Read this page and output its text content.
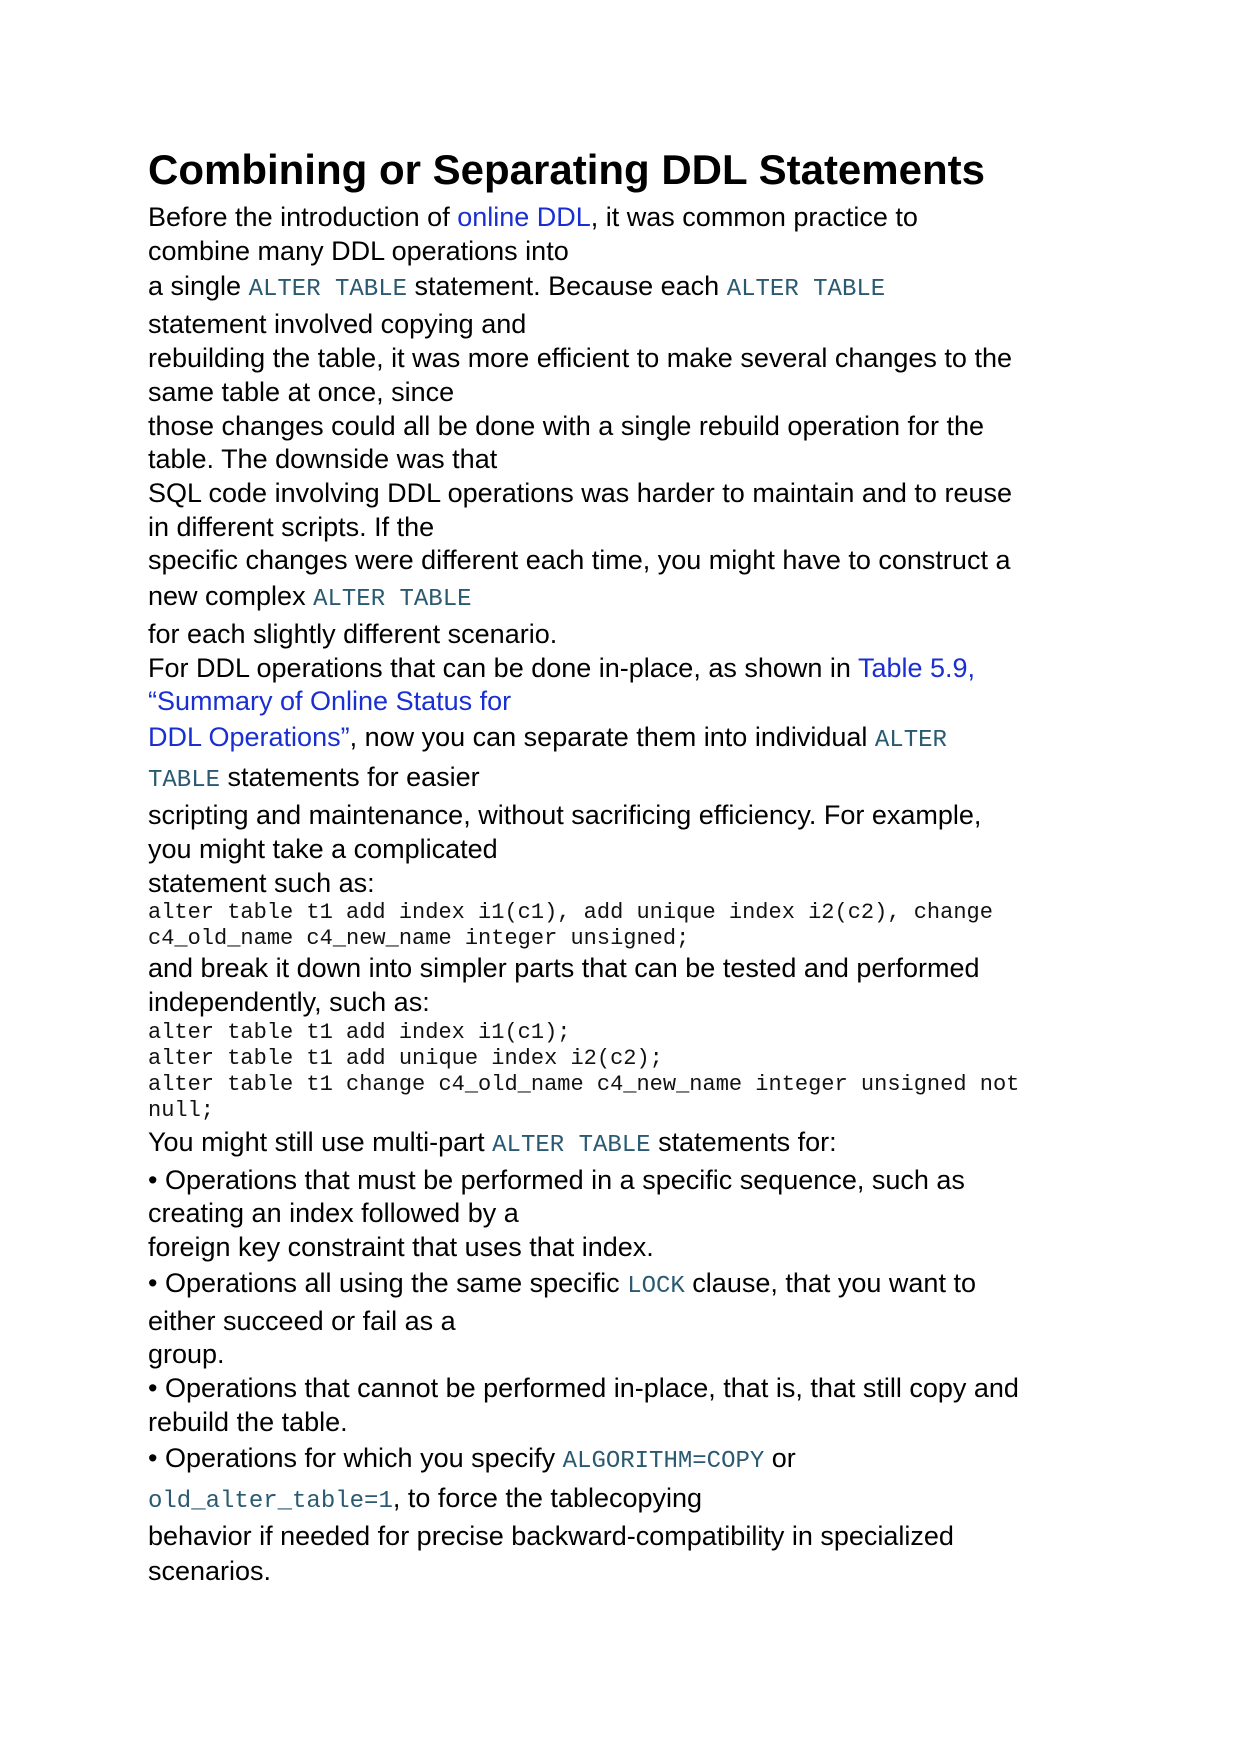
Combining or Separating DDL Statements
Before the introduction of online DDL, it was common practice to
combine many DDL operations into
a single ALTER TABLE statement. Because each ALTER TABLE
statement involved copying and
rebuilding the table, it was more efficient to make several changes to the
same table at once, since
those changes could all be done with a single rebuild operation for the
table. The downside was that
SQL code involving DDL operations was harder to maintain and to reuse
in different scripts. If the
specific changes were different each time, you might have to construct a
new complex ALTER TABLE
for each slightly different scenario.
For DDL operations that can be done in-place, as shown in Table 5.9,
“Summary of Online Status for
DDL Operations”, now you can separate them into individual ALTER
TABLE statements for easier
scripting and maintenance, without sacrificing efficiency. For example,
you might take a complicated
statement such as:
alter table t1 add index i1(c1), add unique index i2(c2), change
c4_old_name c4_new_name integer unsigned;
and break it down into simpler parts that can be tested and performed
independently, such as:
alter table t1 add index i1(c1);
alter table t1 add unique index i2(c2);
alter table t1 change c4_old_name c4_new_name integer unsigned not
null;
You might still use multi-part ALTER TABLE statements for:
• Operations that must be performed in a specific sequence, such as
creating an index followed by a
foreign key constraint that uses that index.
• Operations all using the same specific LOCK clause, that you want to
either succeed or fail as a
group.
• Operations that cannot be performed in-place, that is, that still copy and
rebuild the table.
• Operations for which you specify ALGORITHM=COPY or
old_alter_table=1, to force the tablecopying
behavior if needed for precise backward-compatibility in specialized
scenarios.
